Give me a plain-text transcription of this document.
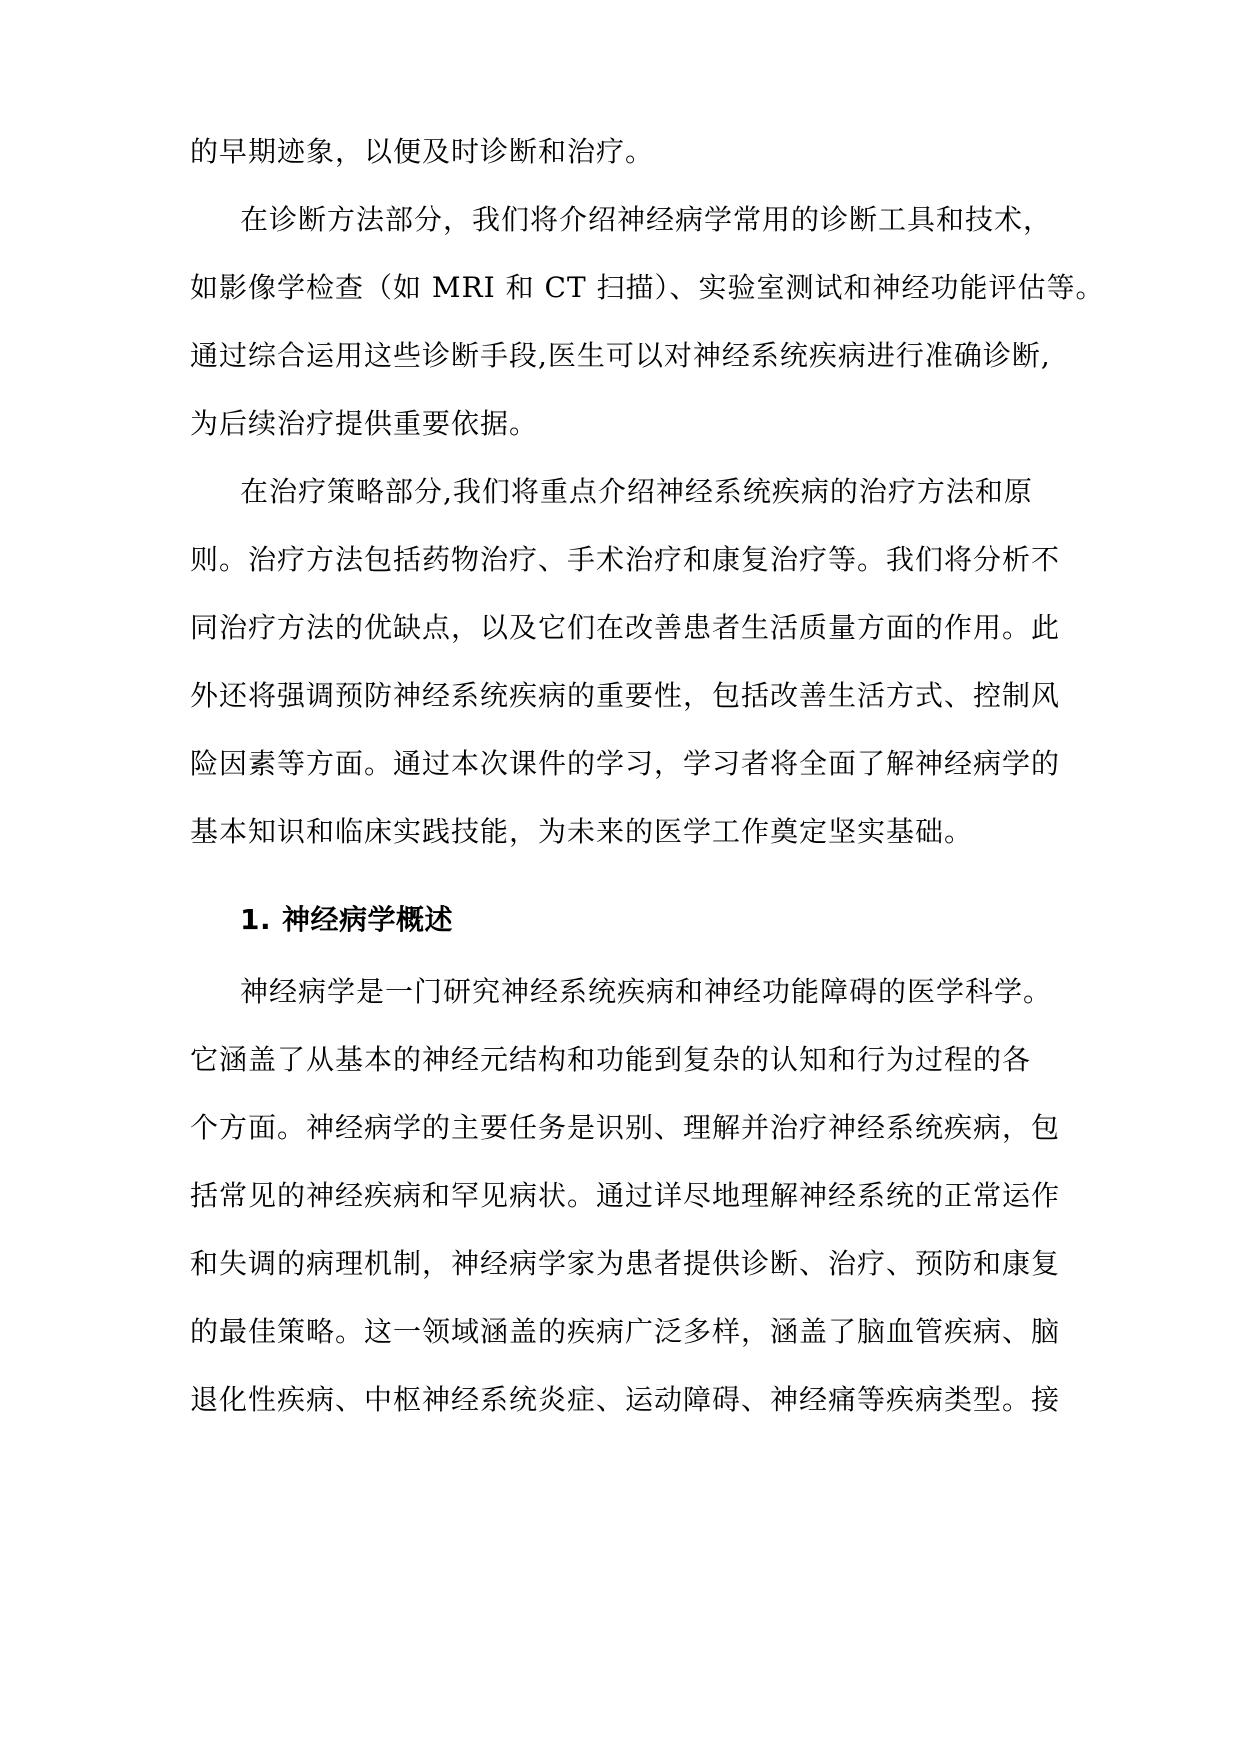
的早期迹象，以便及时诊断和治疗。
在诊断方法部分，我们将介绍神经病学常用的诊断工具和技术，
如影像学检查（如 MRI 和 CT 扫描）、实验室测试和神经功能评估等。
通过综合运用这些诊断手段,医生可以对神经系统疾病进行准确诊断,
为后续治疗提供重要依据。
在治疗策略部分,我们将重点介绍神经系统疾病的治疗方法和原
则。治疗方法包括药物治疗、手术治疗和康复治疗等。我们将分析不
同治疗方法的优缺点，以及它们在改善患者生活质量方面的作用。此
外还将强调预防神经系统疾病的重要性，包括改善生活方式、控制风
险因素等方面。通过本次课件的学习，学习者将全面了解神经病学的
基本知识和临床实践技能，为未来的医学工作奠定坚实基础。
1. 神经病学概述
神经病学是一门研究神经系统疾病和神经功能障碍的医学科学。
它涵盖了从基本的神经元结构和功能到复杂的认知和行为过程的各
个方面。神经病学的主要任务是识别、理解并治疗神经系统疾病，包
括常见的神经疾病和罕见病状。通过详尽地理解神经系统的正常运作
和失调的病理机制，神经病学家为患者提供诊断、治疗、预防和康复
的最佳策略。这一领域涵盖的疾病广泛多样，涵盖了脑血管疾病、脑
退化性疾病、中枢神经系统炎症、运动障碍、神经痛等疾病类型。接
